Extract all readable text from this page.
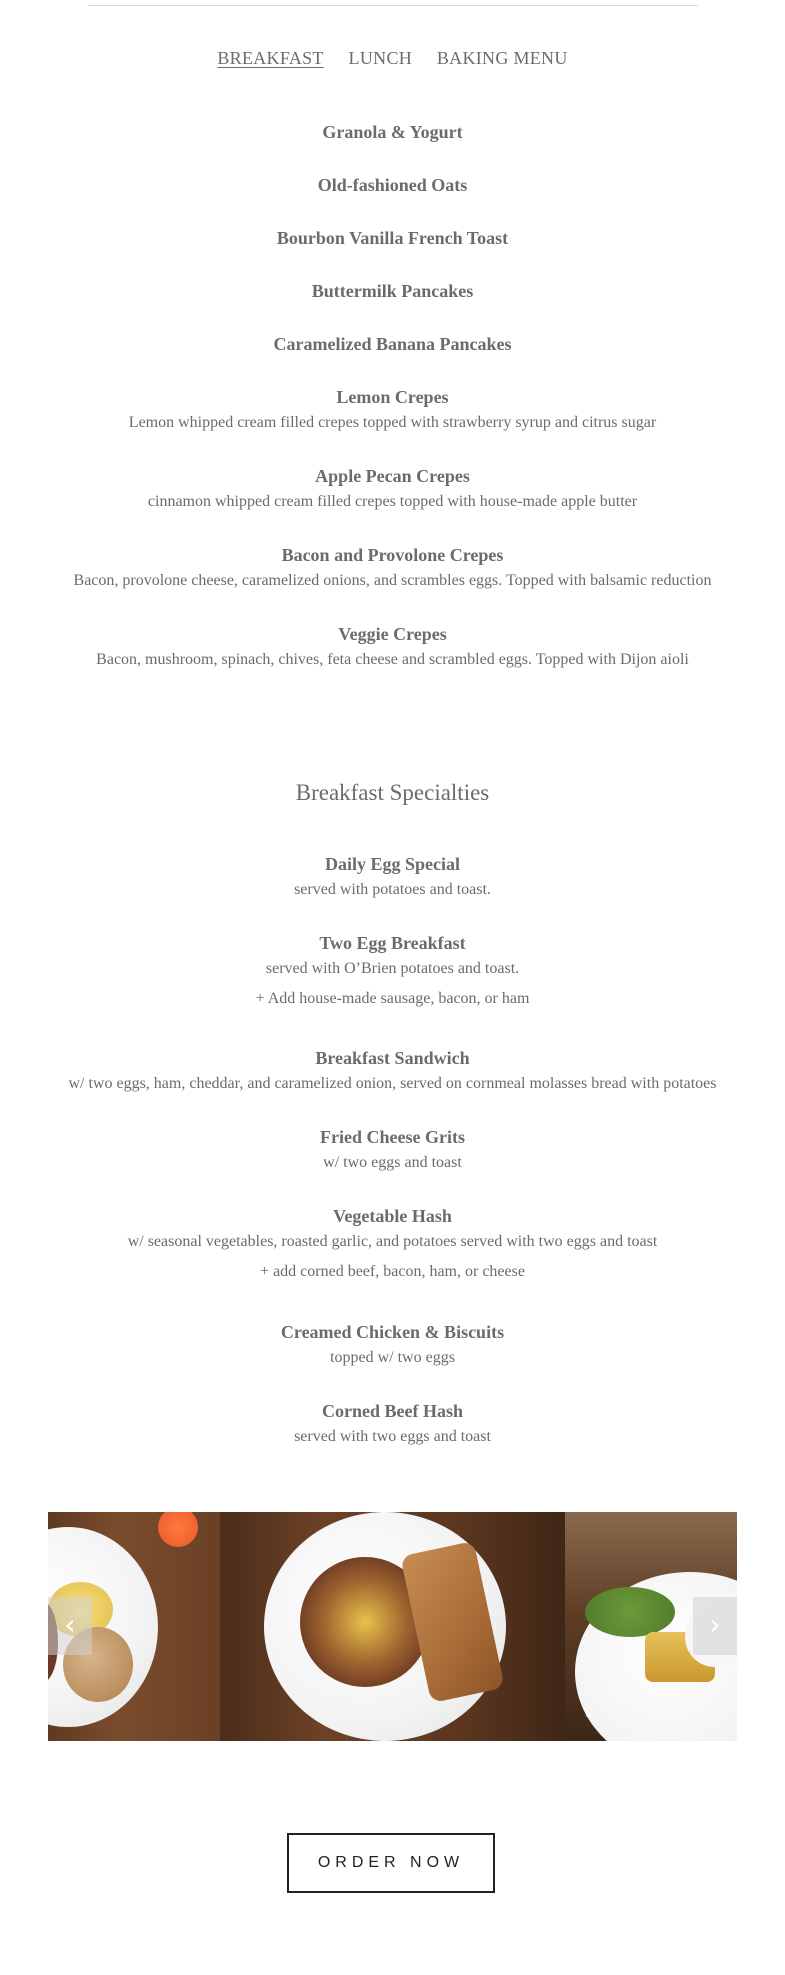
BREAKFAST LUNCH BAKING MENU
Granola & Yogurt
Old-fashioned Oats
Bourbon Vanilla French Toast
Buttermilk Pancakes
Caramelized Banana Pancakes
Lemon Crepes
Lemon whipped cream filled crepes topped with strawberry syrup and citrus sugar
Apple Pecan Crepes
cinnamon whipped cream filled crepes topped with house-made apple butter
Bacon and Provolone Crepes
Bacon, provolone cheese, caramelized onions, and scrambles eggs. Topped with balsamic reduction
Veggie Crepes
Bacon, mushroom, spinach, chives, feta cheese and scrambled eggs. Topped with Dijon aioli
Breakfast Specialties
Daily Egg Special
served with potatoes and toast.
Two Egg Breakfast
served with O’Brien potatoes and toast.
+ Add house-made sausage, bacon, or ham
Breakfast Sandwich
w/ two eggs, ham, cheddar, and caramelized onion, served on cornmeal molasses bread with potatoes
Fried Cheese Grits
w/ two eggs and toast
Vegetable Hash
w/ seasonal vegetables, roasted garlic, and potatoes served with two eggs and toast
+ add corned beef, bacon, ham, or cheese
Creamed Chicken & Biscuits
topped w/ two eggs
Corned Beef Hash
served with two eggs and toast
‹	›
ORDER NOW
